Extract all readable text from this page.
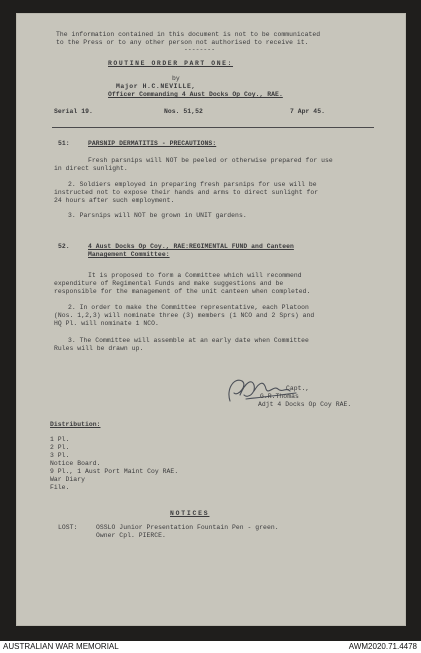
The information contained in this document is not to be communicated
to the Press or to any other person not authorised to receive it.
--------
ROUTINE ORDER PART ONE:
by
Major H.C.NEVILLE,
Officer Commanding 4 Aust Docks Op Coy., RAE.
Serial 19.	Nos. 51,52	7 Apr 45.
51:	PARSNIP DERMATITIS - PRECAUTIONS:
Fresh parsnips will NOT be peeled or otherwise prepared for use
in direct sunlight.
2. Soldiers employed in preparing fresh parsnips for use will be
instructed not to expose their hands and arms to direct sunlight for
24 hours after such employment.
3. Parsnips will NOT be grown in UNIT gardens.
52.	4 Aust Docks Op Coy., RAE:REGIMENTAL FUND and Canteen
Management Committee:
It is proposed to form a Committee which will recommend
expenditure of Regimental Funds and make suggestions and be
responsible for the management of the unit canteen when completed.
2. In order to make the Committee representative, each Platoon
(Nos. 1,2,3) will nominate three (3) members (1 NCO and 2 Sprs) and
HQ Pl. will nominate 1 NCO.
3. The Committee will assemble at an early date when Committee
Rules will be drawn up.
Capt.,
G.R.Thomas
Adjt 4 Docks Op Coy RAE.
Distribution:
1 Pl.
2 Pl.
3 Pl.
Notice Board.
9 Pl., 1 Aust Port Maint Coy RAE.
War Diary
File.
NOTICES
LOST:	OSSLO Junior Presentation Fountain Pen - green.
Owner Cpl. PIERCE.
AUSTRALIAN WAR MEMORIAL	AWM2020.71.4478
